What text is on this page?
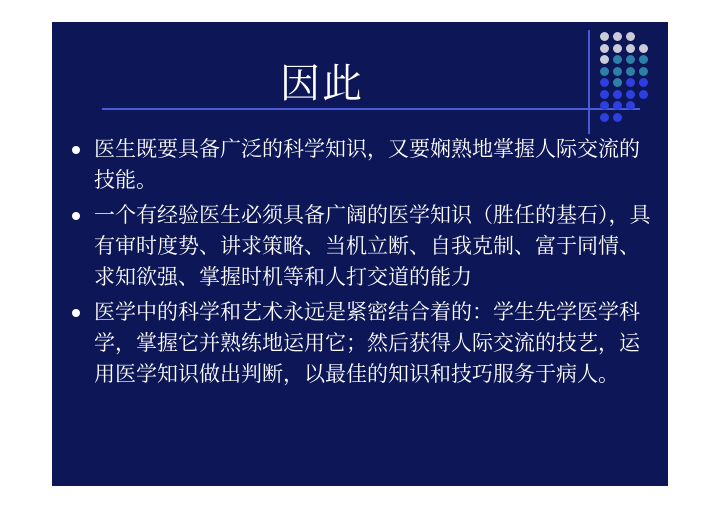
因此
医生既要具备广泛的科学知识，又要娴熟地掌握人际交流的技能。
一个有经验医生必须具备广阔的医学知识（胜任的基石），具有审时度势、讲求策略、当机立断、自我克制、富于同情、求知欲强、掌握时机等和人打交道的能力
医学中的科学和艺术永远是紧密结合着的：学生先学医学科学，掌握它并熟练地运用它；然后获得人际交流的技艺，运用医学知识做出判断，以最佳的知识和技巧服务于病人。
